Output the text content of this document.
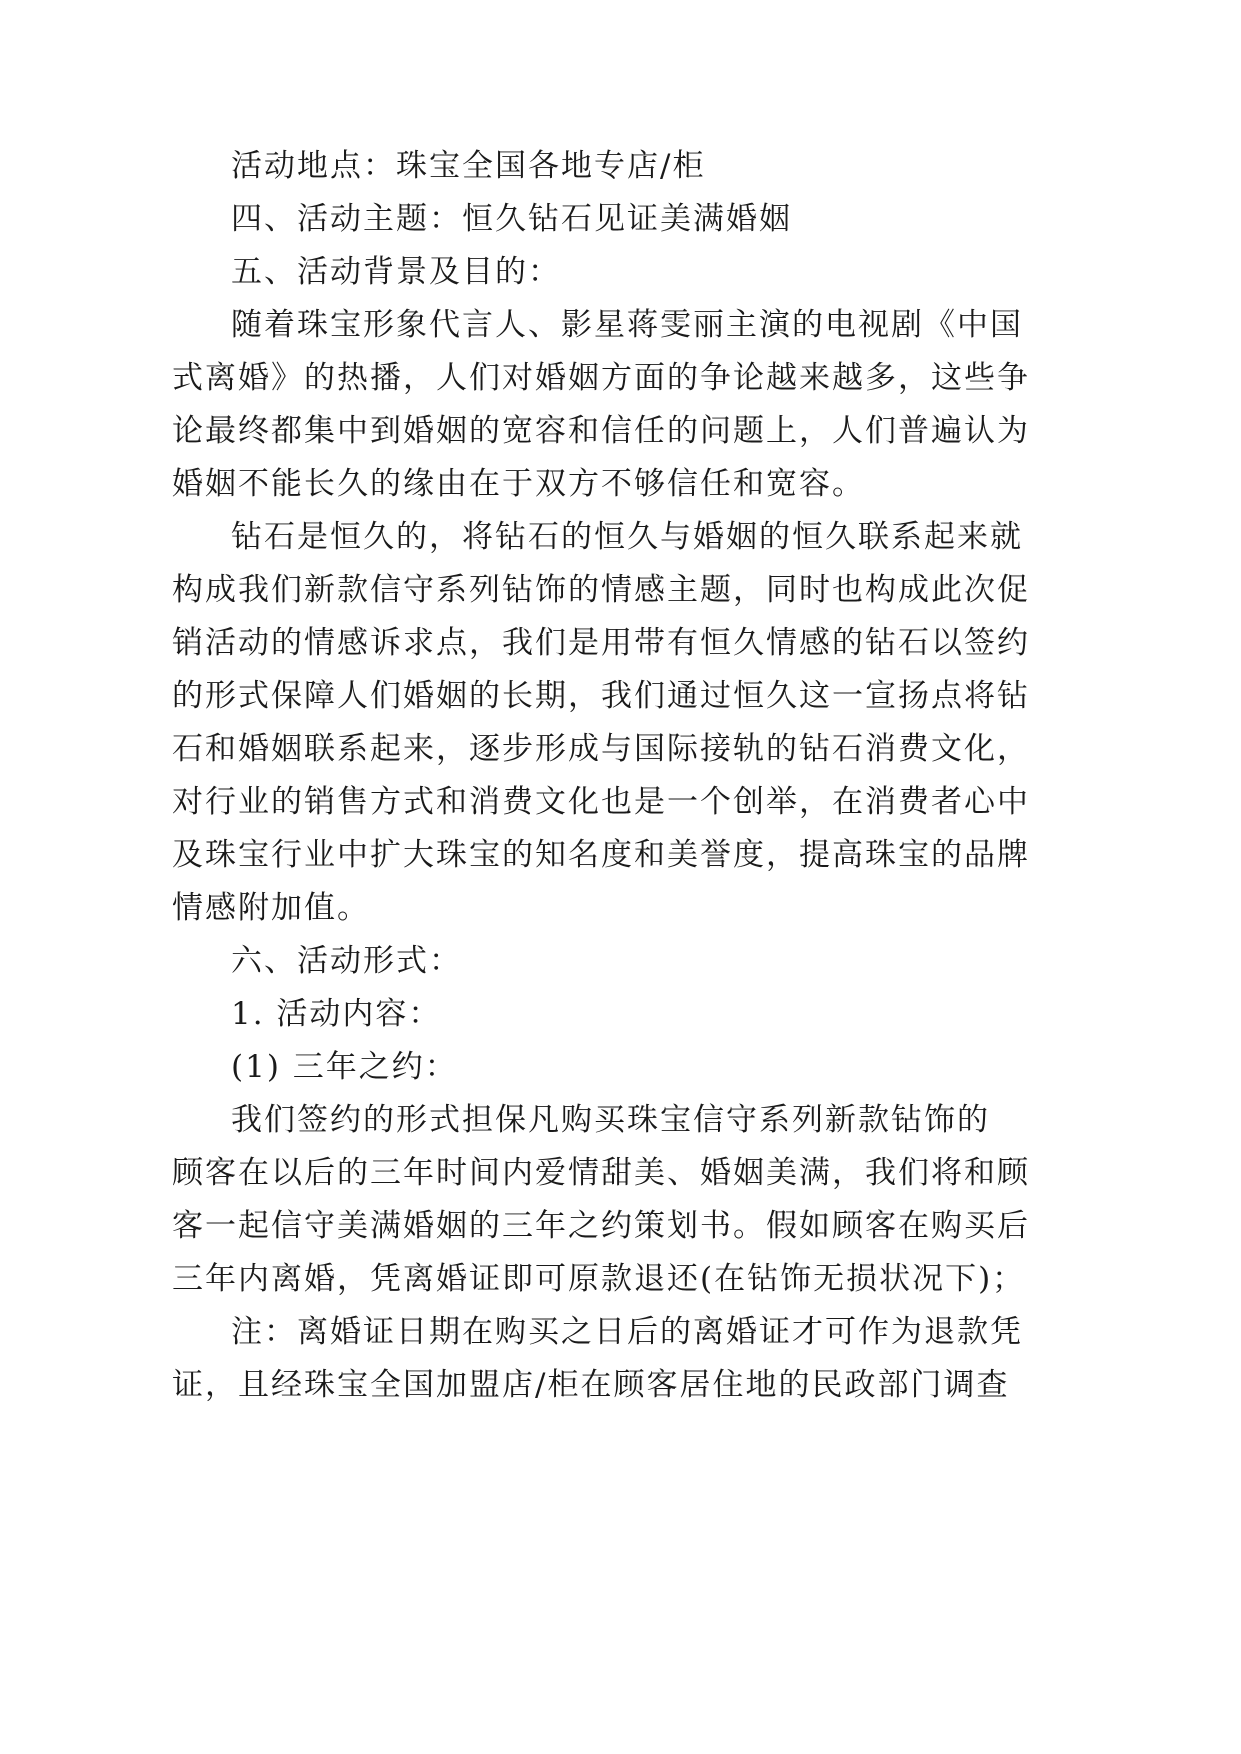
活动地点：珠宝全国各地专店/柜
四、活动主题：恒久钻石见证美满婚姻
五、活动背景及目的：
随着珠宝形象代言人、影星蒋雯丽主演的电视剧《中国
式离婚》的热播，人们对婚姻方面的争论越来越多，这些争
论最终都集中到婚姻的宽容和信任的问题上，人们普遍认为
婚姻不能长久的缘由在于双方不够信任和宽容。
钻石是恒久的，将钻石的恒久与婚姻的恒久联系起来就
构成我们新款信守系列钻饰的情感主题，同时也构成此次促
销活动的情感诉求点，我们是用带有恒久情感的钻石以签约
的形式保障人们婚姻的长期，我们通过恒久这一宣扬点将钻
石和婚姻联系起来，逐步形成与国际接轨的钻石消费文化，
对行业的销售方式和消费文化也是一个创举，在消费者心中
及珠宝行业中扩大珠宝的知名度和美誉度，提高珠宝的品牌
情感附加值。
六、活动形式：
1. 活动内容：
(1) 三年之约：
我们签约的形式担保凡购买珠宝信守系列新款钻饰的
顾客在以后的三年时间内爱情甜美、婚姻美满，我们将和顾
客一起信守美满婚姻的三年之约策划书。假如顾客在购买后
三年内离婚，凭离婚证即可原款退还(在钻饰无损状况下)；
注：离婚证日期在购买之日后的离婚证才可作为退款凭
证，且经珠宝全国加盟店/柜在顾客居住地的民政部门调查
